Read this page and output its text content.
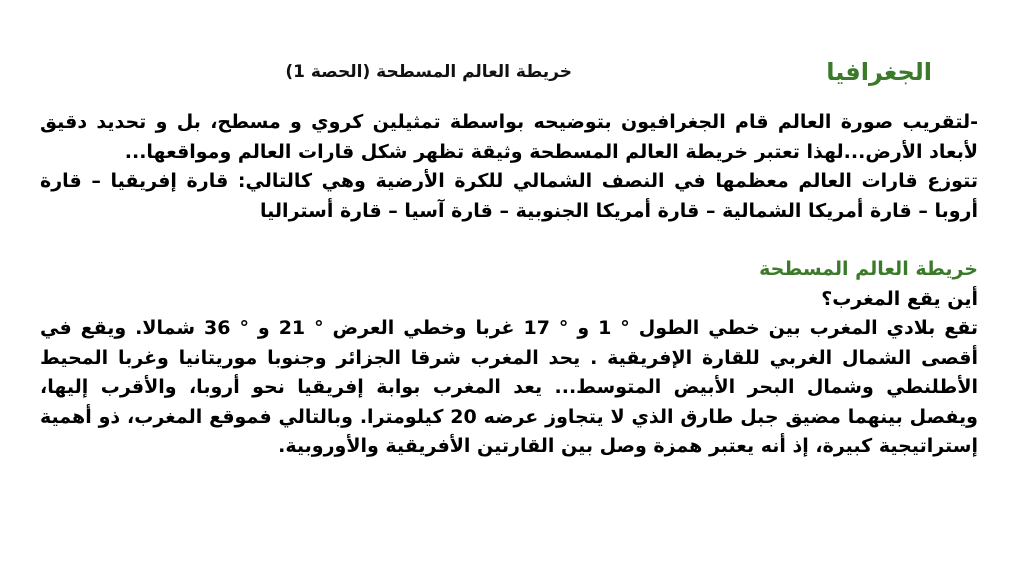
الجغرافيا
خريطة العالم المسطحة (الحصة 1)

-لتقريب صورة العالم قام الجغرافيون بتوضيحه بواسطة تمثيلين كروي و مسطح، بل و تحديد دقيق لأبعاد الأرض...لهذا تعتبر خريطة العالم المسطحة وثيقة تظهر شكل قارات العالم ومواقعها...

تتوزع قارات العالم معظمها في النصف الشمالي للكرة الأرضية وهي كالتالي: قارة إفريقيا – قارة أروبا – قارة أمريكا الشمالية – قارة أمريكا الجنوبية – قارة آسيا – قارة أستراليا

خريطة العالم المسطحة

أين يقع المغرب؟

تقع بلادي المغرب بين خطي الطول ° 1 و ° 17 غربا وخطي العرض ° 21 و ° 36 شمالا. ويقع في أقصى الشمال الغربي للقارة الإفريقية . يحد المغرب شرقا الجزائر وجنوبا موريتانيا وغربا المحيط الأطلنطي وشمال البحر الأبيض المتوسط... يعد المغرب بوابة إفريقيا نحو أروبا، والأقرب إليها، ويفصل بينهما مضيق جبل طارق الذي لا يتجاوز عرضه 20 كيلومترا. وبالتالي فموقع المغرب، ذو أهمية إستراتيجية كبيرة، إذ أنه يعتبر همزة وصل بين القارتين الأفريقية والأوروبية.
